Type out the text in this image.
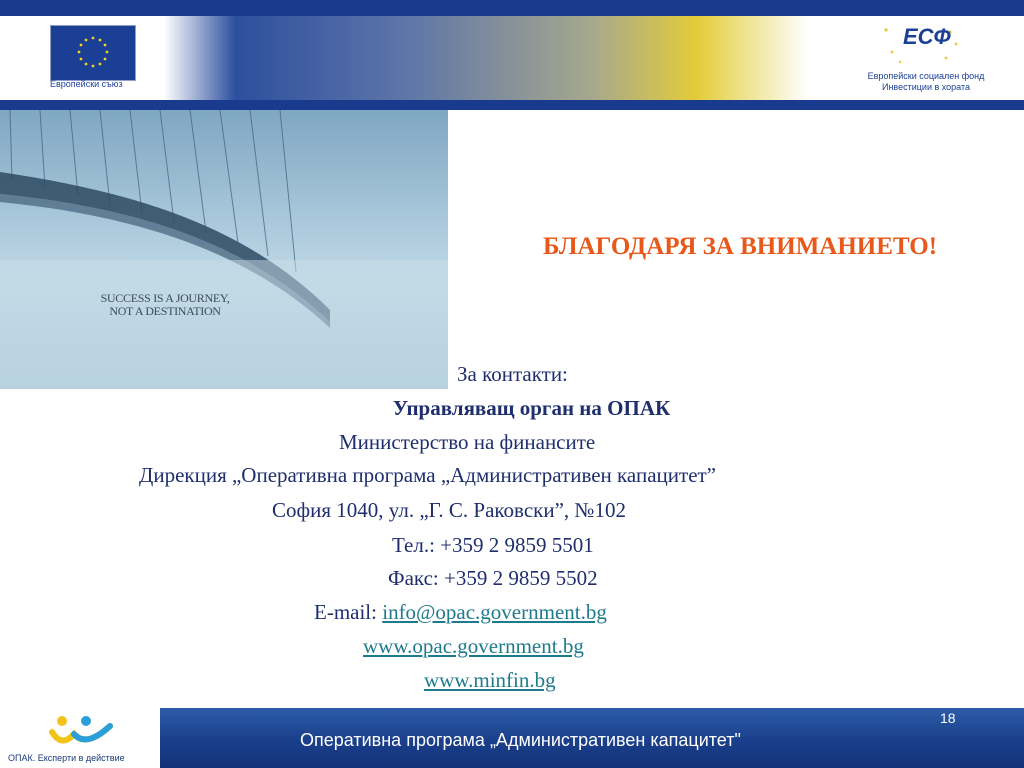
Европейски съюз
ЕСФ
Европейски социален фонд
Инвестиции в хората
SUCCESS IS A JOURNEY,
NOT A DESTINATION
БЛАГОДАРЯ ЗА ВНИМАНИЕТО!
За контакти:
Управляващ орган на ОПАК
Министерство на финансите
Дирекция „Оперативна програма „Административен капацитет”
София 1040, ул. „Г. С. Раковски”, №102
Тел.: +359 2 9859 5501
Факс: +359 2 9859 5502
E-mail: info@opac.government.bg
www.opac.government.bg
www.minfin.bg
ОПАК. Експерти в действие
Оперативна програма „Административен капацитет"
18
